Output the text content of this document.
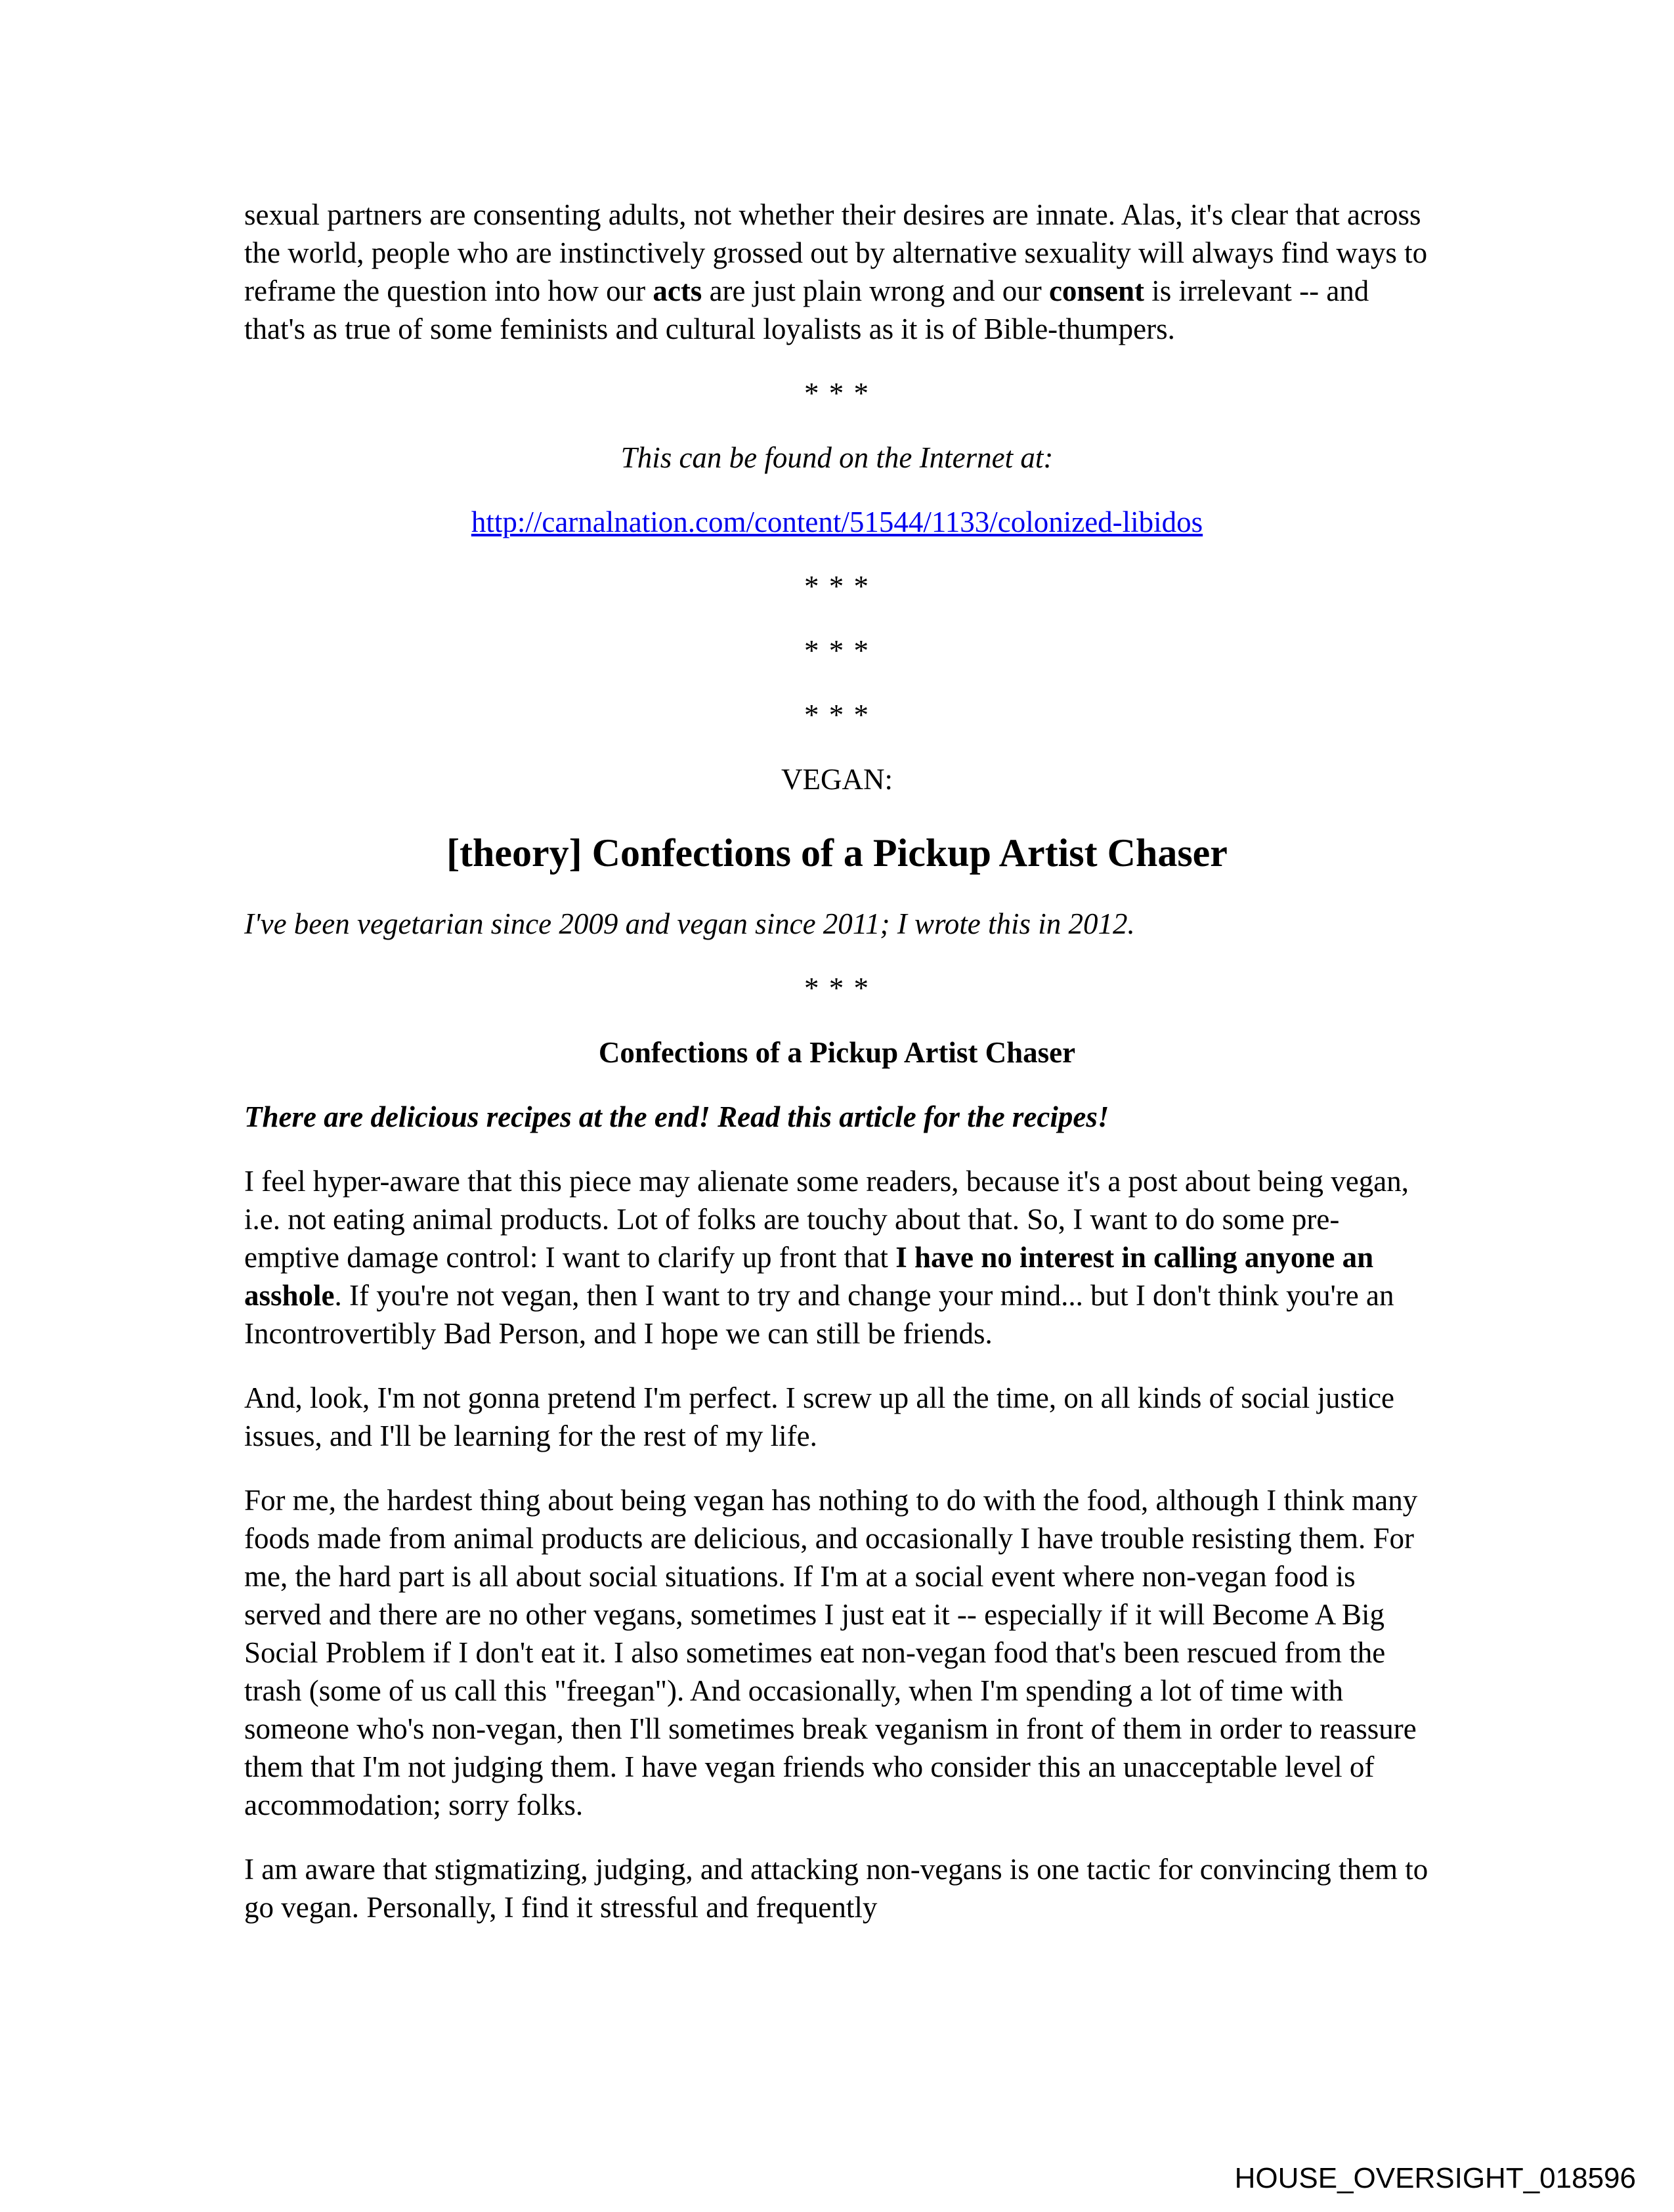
sexual partners are consenting adults, not whether their desires are innate. Alas, it's clear that across the world, people who are instinctively grossed out by alternative sexuality will always find ways to reframe the question into how our acts are just plain wrong and our consent is irrelevant -- and that's as true of some feminists and cultural loyalists as it is of Bible-thumpers.

* * *
This can be found on the Internet at:
http://carnalnation.com/content/51544/1133/colonized-libidos
* * *
* * *
* * *
VEGAN:
[theory] Confections of a Pickup Artist Chaser

I've been vegetarian since 2009 and vegan since 2011; I wrote this in 2012.

* * *
Confections of a Pickup Artist Chaser

There are delicious recipes at the end! Read this article for the recipes!

I feel hyper-aware that this piece may alienate some readers, because it's a post about being vegan, i.e. not eating animal products. Lot of folks are touchy about that. So, I want to do some pre-emptive damage control: I want to clarify up front that I have no interest in calling anyone an asshole. If you're not vegan, then I want to try and change your mind... but I don't think you're an Incontrovertibly Bad Person, and I hope we can still be friends.

And, look, I'm not gonna pretend I'm perfect. I screw up all the time, on all kinds of social justice issues, and I'll be learning for the rest of my life.

For me, the hardest thing about being vegan has nothing to do with the food, although I think many foods made from animal products are delicious, and occasionally I have trouble resisting them. For me, the hard part is all about social situations. If I'm at a social event where non-vegan food is served and there are no other vegans, sometimes I just eat it -- especially if it will Become A Big Social Problem if I don't eat it. I also sometimes eat non-vegan food that's been rescued from the trash (some of us call this "freegan"). And occasionally, when I'm spending a lot of time with someone who's non-vegan, then I'll sometimes break veganism in front of them in order to reassure them that I'm not judging them. I have vegan friends who consider this an unacceptable level of accommodation; sorry folks.

I am aware that stigmatizing, judging, and attacking non-vegans is one tactic for convincing them to go vegan. Personally, I find it stressful and frequently

HOUSE_OVERSIGHT_018596
